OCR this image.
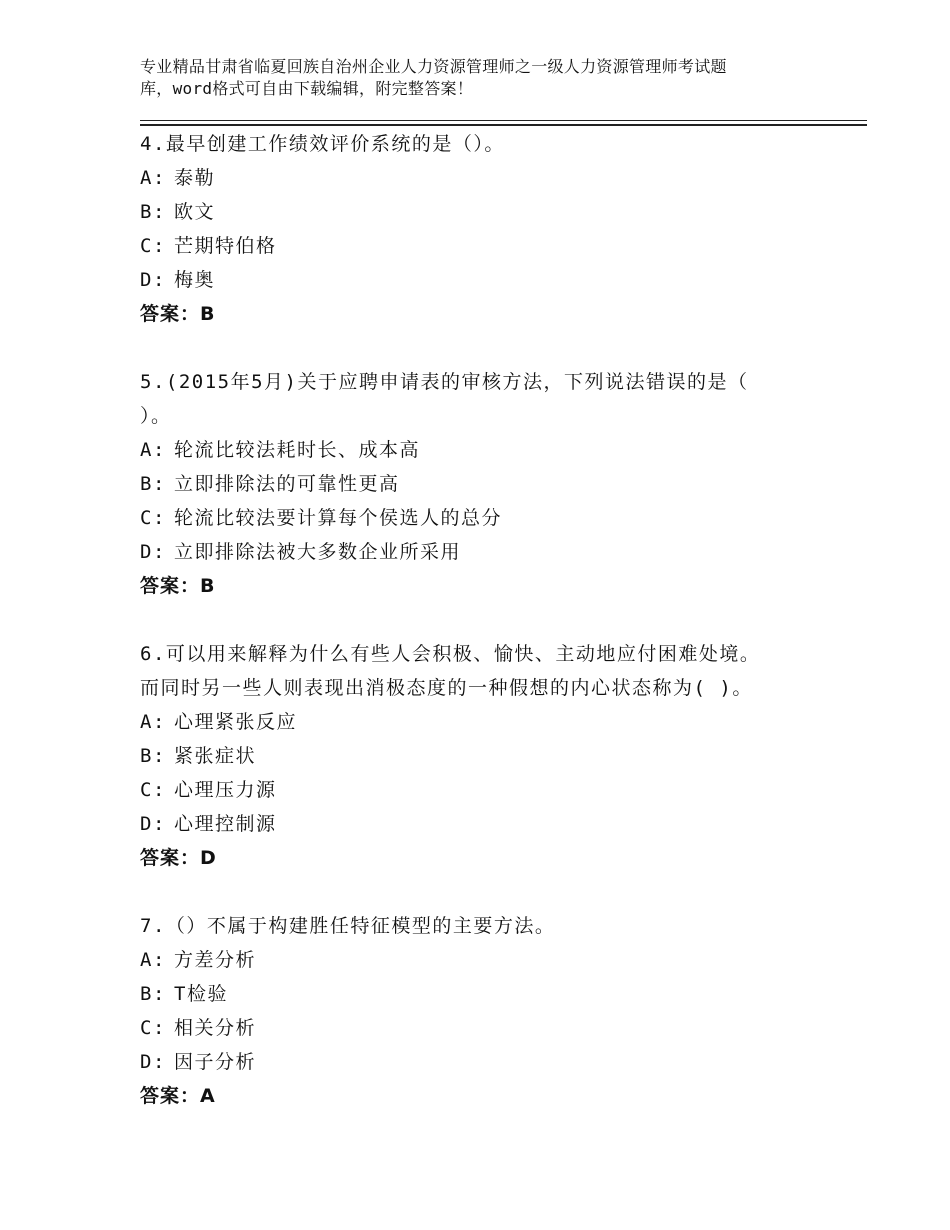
专业精品甘肃省临夏回族自治州企业人力资源管理师之一级人力资源管理师考试题
库，word格式可自由下载编辑，附完整答案！
4.最早创建工作绩效评价系统的是（）。
A: 泰勒
B: 欧文
C: 芒期特伯格
D: 梅奥
答案：B
5.(2015年5月)关于应聘申请表的审核方法，下列说法错误的是（
）。
A: 轮流比较法耗时长、成本高
B: 立即排除法的可靠性更高
C: 轮流比较法要计算每个侯选人的总分
D: 立即排除法被大多数企业所采用
答案：B
6.可以用来解释为什么有些人会积极、愉快、主动地应付困难处境。
而同时另一些人则表现出消极态度的一种假想的内心状态称为( )。
A: 心理紧张反应
B: 紧张症状
C: 心理压力源
D: 心理控制源
答案：D
7.（）不属于构建胜任特征模型的主要方法。
A: 方差分析
B: T检验
C: 相关分析
D: 因子分析
答案：A
